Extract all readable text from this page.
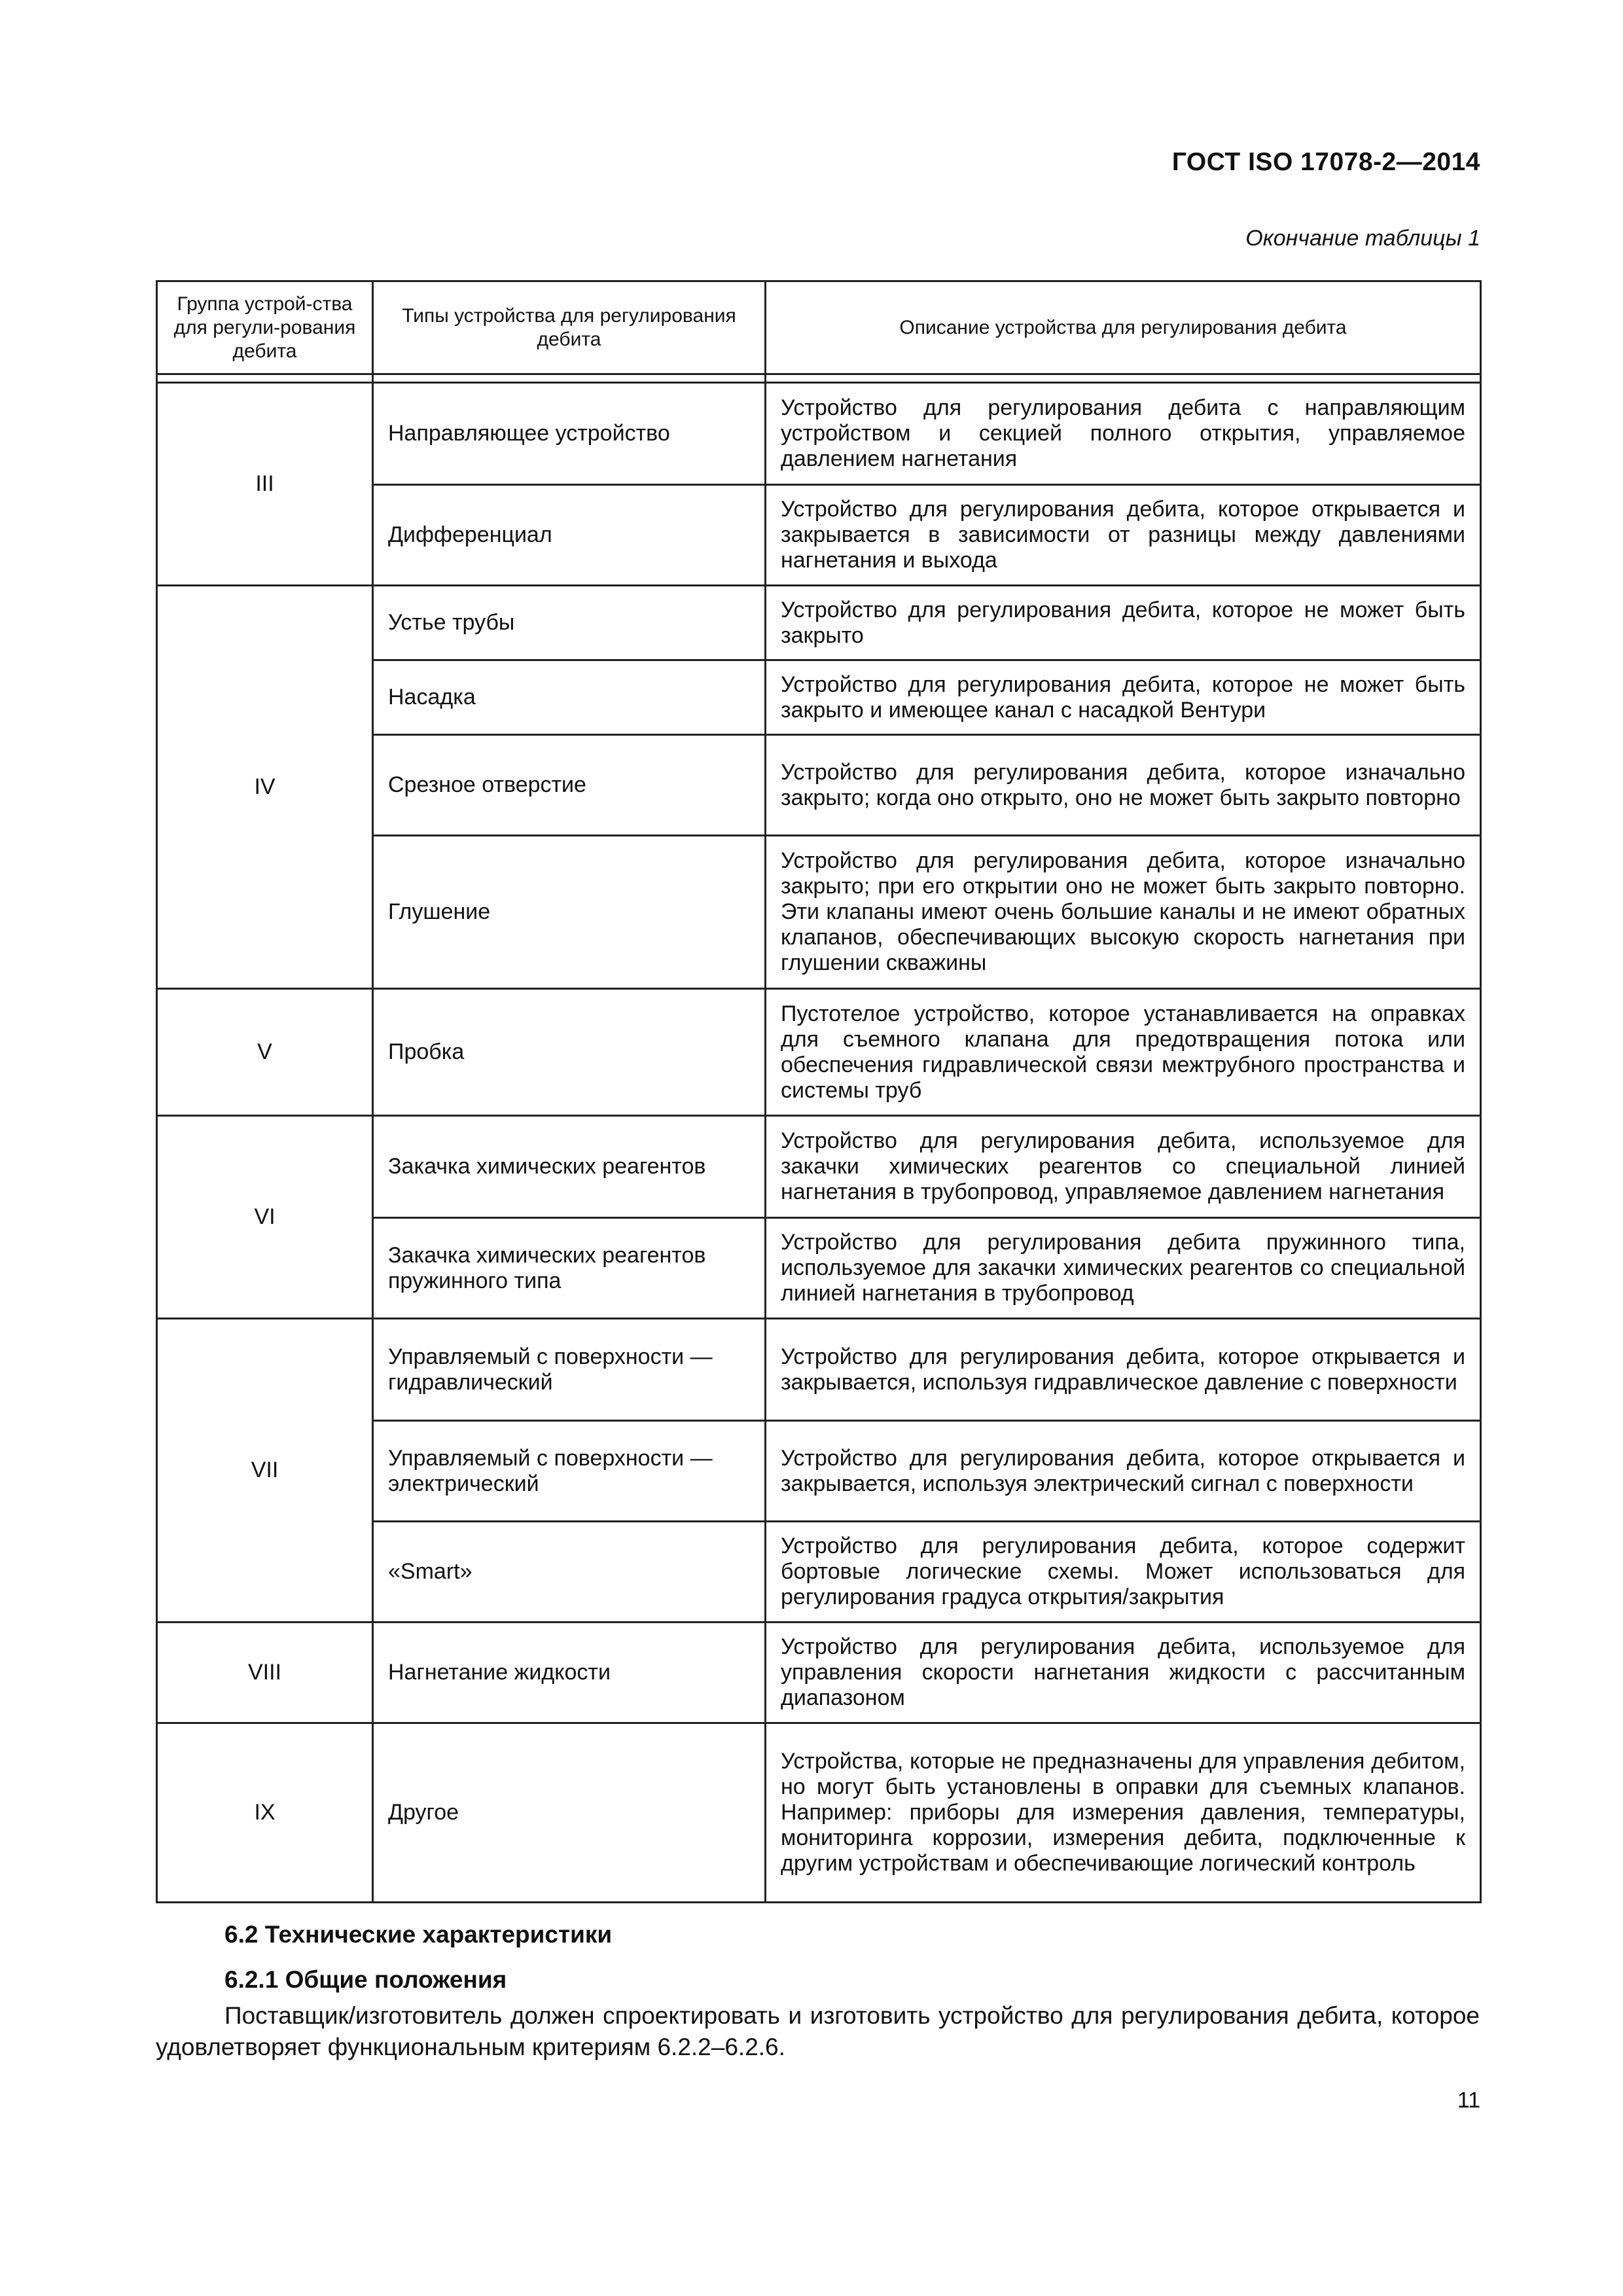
ГОСТ ISO 17078-2—2014
Окончание таблицы 1
Группа устрой-ства для регули-рования дебита	Типы устройства для регулирования дебита	Описание устройства для регулирования дебита

III	Направляющее устройство	Устройство для регулирования дебита с направляющим устройством и секцией полного открытия, управляемое давлением нагнетания
	Дифференциал	Устройство для регулирования дебита, которое открывается и закрывается в зависимости от разницы между давлениями нагнетания и выхода
IV	Устье трубы	Устройство для регулирования дебита, которое не может быть закрыто
	Насадка	Устройство для регулирования дебита, которое не может быть закрыто и имеющее канал с насадкой Вентури
	Срезное отверстие	Устройство для регулирования дебита, которое изначально закрыто; когда оно открыто, оно не может быть закрыто повторно
	Глушение	Устройство для регулирования дебита, которое изначально закрыто; при его открытии оно не может быть закрыто повторно. Эти клапаны имеют очень большие каналы и не имеют обратных клапанов, обеспечивающих высокую скорость нагнетания при глушении скважины
V	Пробка	Пустотелое устройство, которое устанавливается на оправках для съемного клапана для предотвращения потока или обеспечения гидравлической связи межтрубного пространства и системы труб
VI	Закачка химических реагентов	Устройство для регулирования дебита, используемое для закачки химических реагентов со специальной линией нагнетания в трубопровод, управляемое давлением нагнетания
	Закачка химических реагентов пружинного типа	Устройство для регулирования дебита пружинного типа, используемое для закачки химических реагентов со специальной линией нагнетания в трубопровод
VII	Управляемый с поверхности — гидравлический	Устройство для регулирования дебита, которое открывается и закрывается, используя гидравлическое давление с поверхности
	Управляемый с поверхности — электрический	Устройство для регулирования дебита, которое открывается и закрывается, используя электрический сигнал с поверхности
	«Smart»	Устройство для регулирования дебита, которое содержит бортовые логические схемы. Может использоваться для регулирования градуса открытия/закрытия
VIII	Нагнетание жидкости	Устройство для регулирования дебита, используемое для управления скорости нагнетания жидкости с рассчитанным диапазоном
IX	Другое	Устройства, которые не предназначены для управления дебитом, но могут быть установлены в оправки для съемных клапанов. Например: приборы для измерения давления, температуры, мониторинга коррозии, измерения дебита, подключенные к другим устройствам и обеспечивающие логический контроль
6.2 Технические характеристики
6.2.1 Общие положения
Поставщик/изготовитель должен спроектировать и изготовить устройство для регулирования дебита, которое удовлетворяет функциональным критериям 6.2.2–6.2.6.
11
